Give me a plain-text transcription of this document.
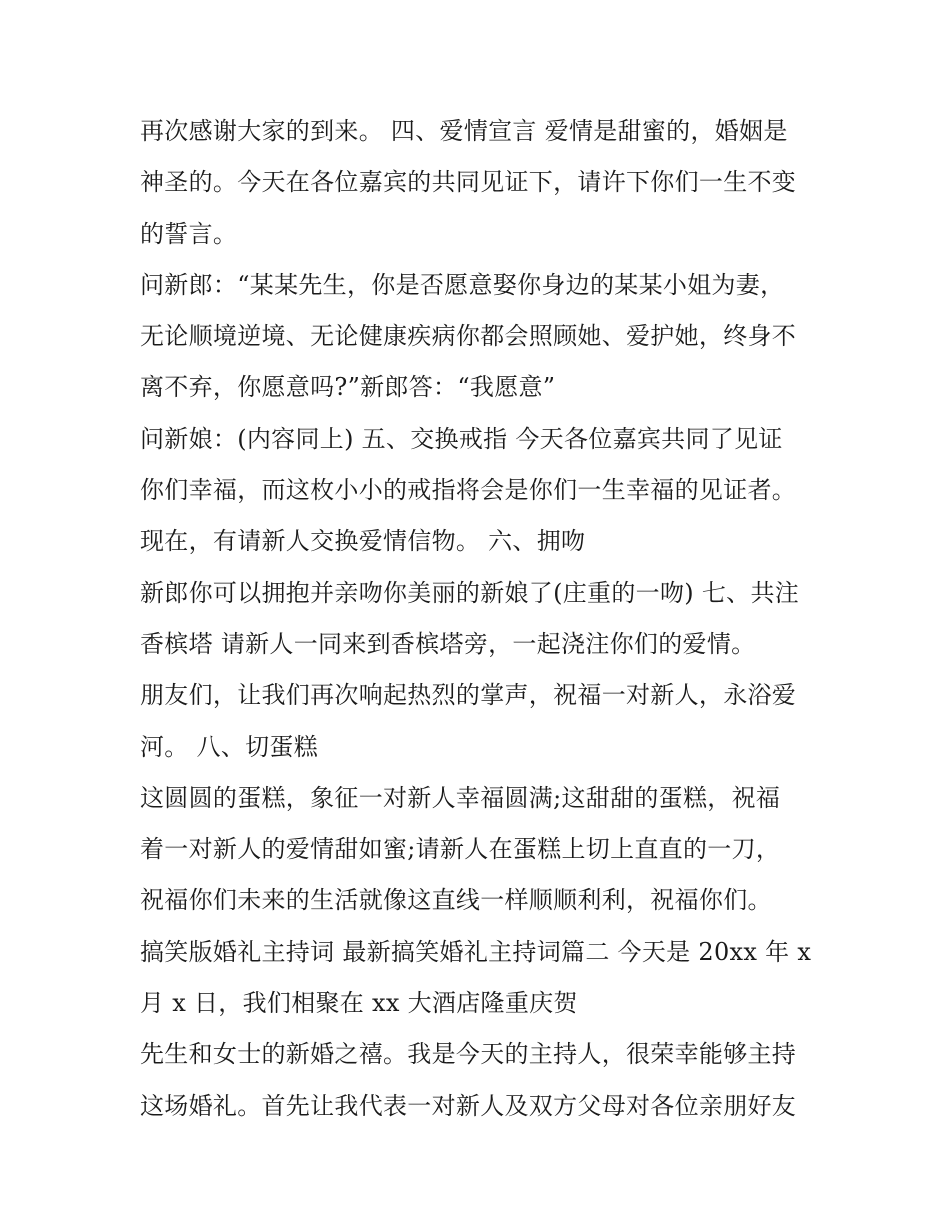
再次感谢大家的到来。 四、爱情宣言 爱情是甜蜜的，婚姻是
神圣的。今天在各位嘉宾的共同见证下，请许下你们一生不变
的誓言。
问新郎：“某某先生，你是否愿意娶你身边的某某小姐为妻，
无论顺境逆境、无论健康疾病你都会照顾她、爱护她，终身不
离不弃，你愿意吗?”新郎答：“我愿意”
问新娘：(内容同上) 五、交换戒指 今天各位嘉宾共同了见证
你们幸福，而这枚小小的戒指将会是你们一生幸福的见证者。
现在，有请新人交换爱情信物。 六、拥吻
新郎你可以拥抱并亲吻你美丽的新娘了(庄重的一吻) 七、共注
香槟塔 请新人一同来到香槟塔旁，一起浇注你们的爱情。
朋友们，让我们再次响起热烈的掌声，祝福一对新人，永浴爱
河。 八、切蛋糕
这圆圆的蛋糕，象征一对新人幸福圆满;这甜甜的蛋糕，祝福
着一对新人的爱情甜如蜜;请新人在蛋糕上切上直直的一刀，
祝福你们未来的生活就像这直线一样顺顺利利，祝福你们。
搞笑版婚礼主持词 最新搞笑婚礼主持词篇二 今天是 20xx 年 x
月 x 日，我们相聚在 xx 大酒店隆重庆贺
先生和女士的新婚之禧。我是今天的主持人，很荣幸能够主持
这场婚礼。首先让我代表一对新人及双方父母对各位亲朋好友
